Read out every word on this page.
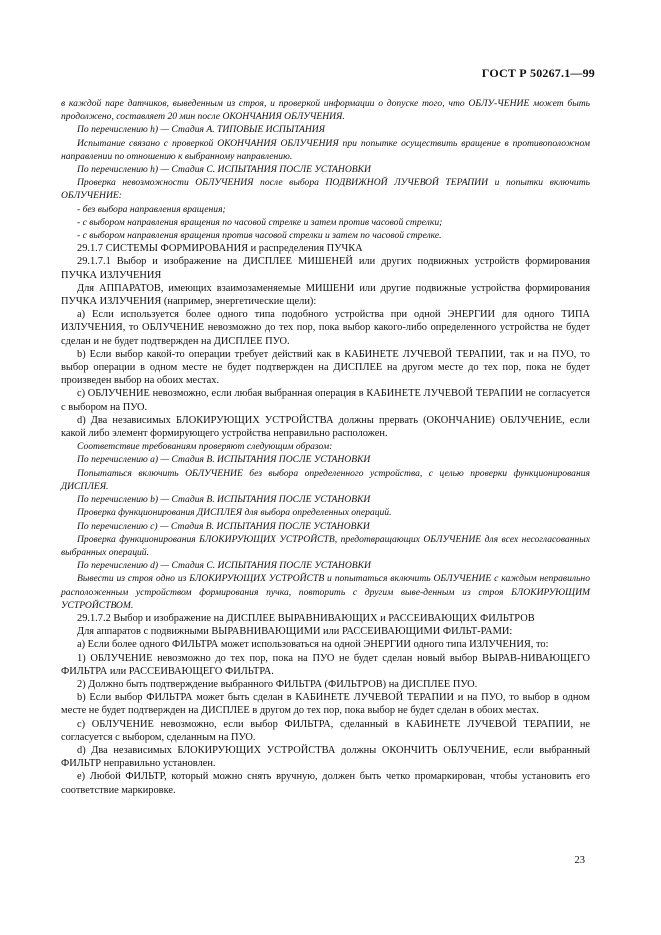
ГОСТ Р 50267.1—99

в каждой паре датчиков, выведенным из строя, и проверкой информации о допуске того, что ОБЛУ-ЧЕНИЕ может быть продолжено, составляет 20 мин после ОКОНЧАНИЯ ОБЛУЧЕНИЯ.

По перечислению h) — Стадия А. ТИПОВЫЕ ИСПЫТАНИЯ

Испытание связано с проверкой ОКОНЧАНИЯ ОБЛУЧЕНИЯ при попытке осуществить вращение в противоположном направлении по отношению к выбранному направлению.

По перечислению h) — Стадия С. ИСПЫТАНИЯ ПОСЛЕ УСТАНОВКИ

Проверка невозможности ОБЛУЧЕНИЯ после выбора ПОДВИЖНОЙ ЛУЧЕВОЙ ТЕРАПИИ и попытки включить ОБЛУЧЕНИЕ:

- без выбора направления вращения;

- с выбором направления вращения по часовой стрелке и затем против часовой стрелки;

- с выбором направления вращения против часовой стрелки и затем по часовой стрелке.

29.1.7 СИСТЕМЫ ФОРМИРОВАНИЯ и распределения ПУЧКА

29.1.7.1 Выбор и изображение на ДИСПЛЕЕ МИШЕНЕЙ или других подвижных устройств формирования ПУЧКА ИЗЛУЧЕНИЯ

Для АППАРАТОВ, имеющих взаимозаменяемые МИШЕНИ или другие подвижные устройства формирования ПУЧКА ИЗЛУЧЕНИЯ (например, энергетические щели):

а) Если используется более одного типа подобного устройства при одной ЭНЕРГИИ для одного ТИПА ИЗЛУЧЕНИЯ, то ОБЛУЧЕНИЕ невозможно до тех пор, пока выбор какого-либо определенного устройства не будет сделан и не будет подтвержден на ДИСПЛЕЕ ПУО.

b) Если выбор какой-то операции требует действий как в КАБИНЕТЕ ЛУЧЕВОЙ ТЕРАПИИ, так и на ПУО, то выбор операции в одном месте не будет подтвержден на ДИСПЛЕЕ на другом месте до тех пор, пока не будет произведен выбор на обоих местах.

с) ОБЛУЧЕНИЕ невозможно, если любая выбранная операция в КАБИНЕТЕ ЛУЧЕВОЙ ТЕРАПИИ не согласуется с выбором на ПУО.

d) Два независимых БЛОКИРУЮЩИХ УСТРОЙСТВА должны прервать (ОКОНЧАНИЕ) ОБЛУЧЕНИЕ, если какой либо элемент формирующего устройства неправильно расположен.

Соответствие требованиям проверяют следующим образом:

По перечислению а) — Стадия В. ИСПЫТАНИЯ ПОСЛЕ УСТАНОВКИ

Попытаться включить ОБЛУЧЕНИЕ без выбора определенного устройства, с целью проверки функционирования ДИСПЛЕЯ.

По перечислению b) — Стадия В. ИСПЫТАНИЯ ПОСЛЕ УСТАНОВКИ

Проверка функционирования ДИСПЛЕЯ для выбора определенных операций.

По перечислению с) — Стадия В. ИСПЫТАНИЯ ПОСЛЕ УСТАНОВКИ

Проверка функционирования БЛОКИРУЮЩИХ УСТРОЙСТВ, предотвращающих ОБЛУЧЕНИЕ для всех несогласованных выбранных операций.

По перечислению d) — Стадия С. ИСПЫТАНИЯ ПОСЛЕ УСТАНОВКИ

Вывести из строя одно из БЛОКИРУЮЩИХ УСТРОЙСТВ и попытаться включить ОБЛУЧЕНИЕ с каждым неправильно расположенным устройством формирования пучка, повторить с другим выве-денным из строя БЛОКИРУЮЩИМ УСТРОЙСТВОМ.

29.1.7.2 Выбор и изображение на ДИСПЛЕЕ ВЫРАВНИВАЮЩИХ и РАССЕИВАЮЩИХ ФИЛЬТРОВ

Для аппаратов с подвижными ВЫРАВНИВАЮЩИМИ или РАССЕИВАЮЩИМИ ФИЛЬТ-РАМИ:

а) Если более одного ФИЛЬТРА может использоваться на одной ЭНЕРГИИ одного типа ИЗЛУЧЕНИЯ, то:

1) ОБЛУЧЕНИЕ невозможно до тех пор, пока на ПУО не будет сделан новый выбор ВЫРАВ-НИВАЮЩЕГО ФИЛЬТРА или РАССЕИВАЮЩЕГО ФИЛЬТРА.

2) Должно быть подтверждение выбранного ФИЛЬТРА (ФИЛЬТРОВ) на ДИСПЛЕЕ ПУО.

b) Если выбор ФИЛЬТРА может быть сделан в КАБИНЕТЕ ЛУЧЕВОЙ ТЕРАПИИ и на ПУО, то выбор в одном месте не будет подтвержден на ДИСПЛЕЕ в другом до тех пор, пока выбор не будет сделан в обоих местах.

с) ОБЛУЧЕНИЕ невозможно, если выбор ФИЛЬТРА, сделанный в КАБИНЕТЕ ЛУЧЕВОЙ ТЕРАПИИ, не согласуется с выбором, сделанным на ПУО.

d) Два независимых БЛОКИРУЮЩИХ УСТРОЙСТВА должны ОКОНЧИТЬ ОБЛУЧЕНИЕ, если выбранный ФИЛЬТР неправильно установлен.

е) Любой ФИЛЬТР, который можно снять вручную, должен быть четко промаркирован, чтобы установить его соответствие маркировке.

23
